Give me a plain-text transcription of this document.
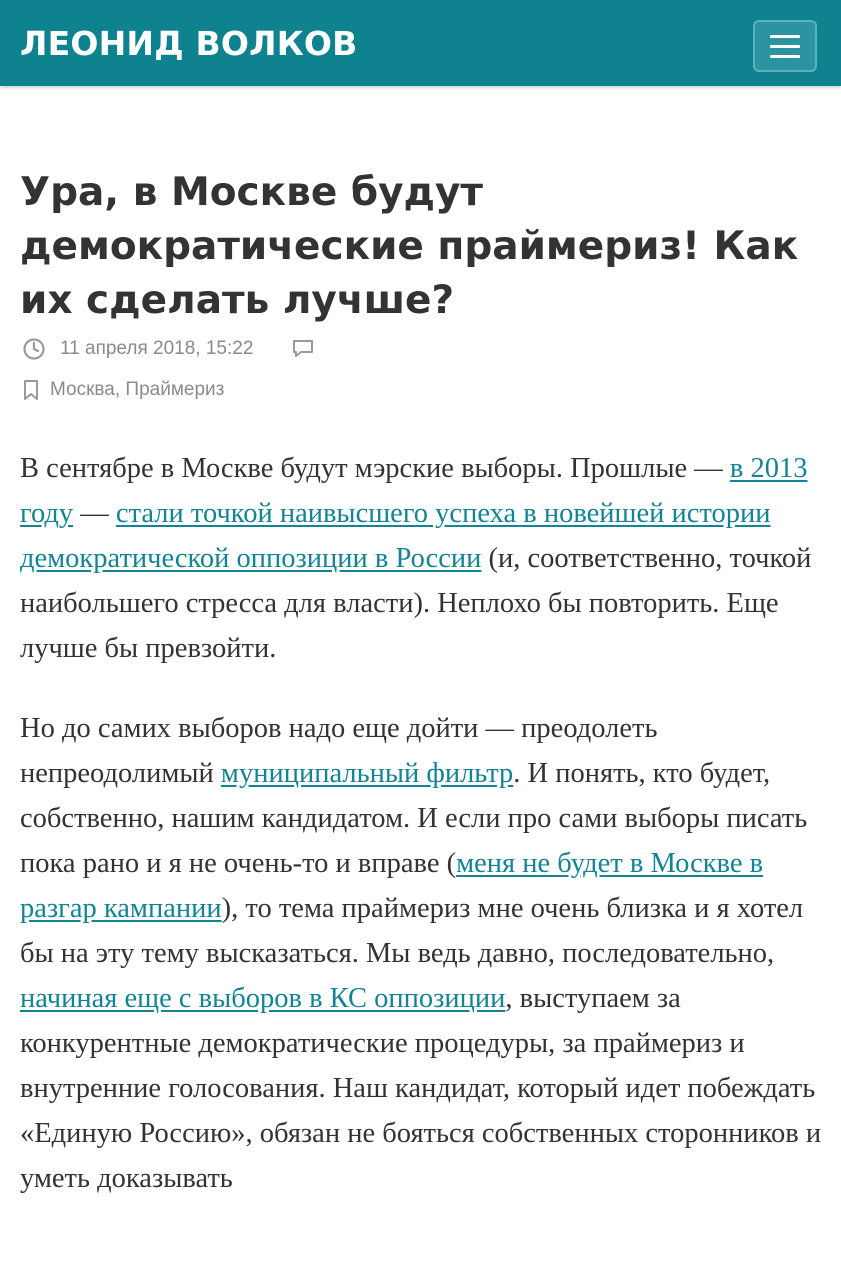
ЛЕОНИД ВОЛКОВ
Ура, в Москве будут демократические праймериз! Как их сделать лучше?
11 апреля 2018, 15:22
Москва, Праймериз

В сентябре в Москве будут мэрские выборы. Прошлые — в 2013 году — стали точкой наивысшего успеха в новейшей истории демократической оппозиции в России (и, соответственно, точкой наибольшего стресса для власти). Неплохо бы повторить. Еще лучше бы превзойти.

Но до самих выборов надо еще дойти — преодолеть непреодолимый муниципальный фильтр. И понять, кто будет, собственно, нашим кандидатом. И если про сами выборы писать пока рано и я не очень-то и вправе (меня не будет в Москве в разгар кампании), то тема праймериз мне очень близка и я хотел бы на эту тему высказаться. Мы ведь давно, последовательно, начиная еще с выборов в КС оппозиции, выступаем за конкурентные демократические процедуры, за праймериз и внутренние голосования. Наш кандидат, который идет побеждать «Единую Россию», обязан не бояться собственных сторонников и уметь доказывать
